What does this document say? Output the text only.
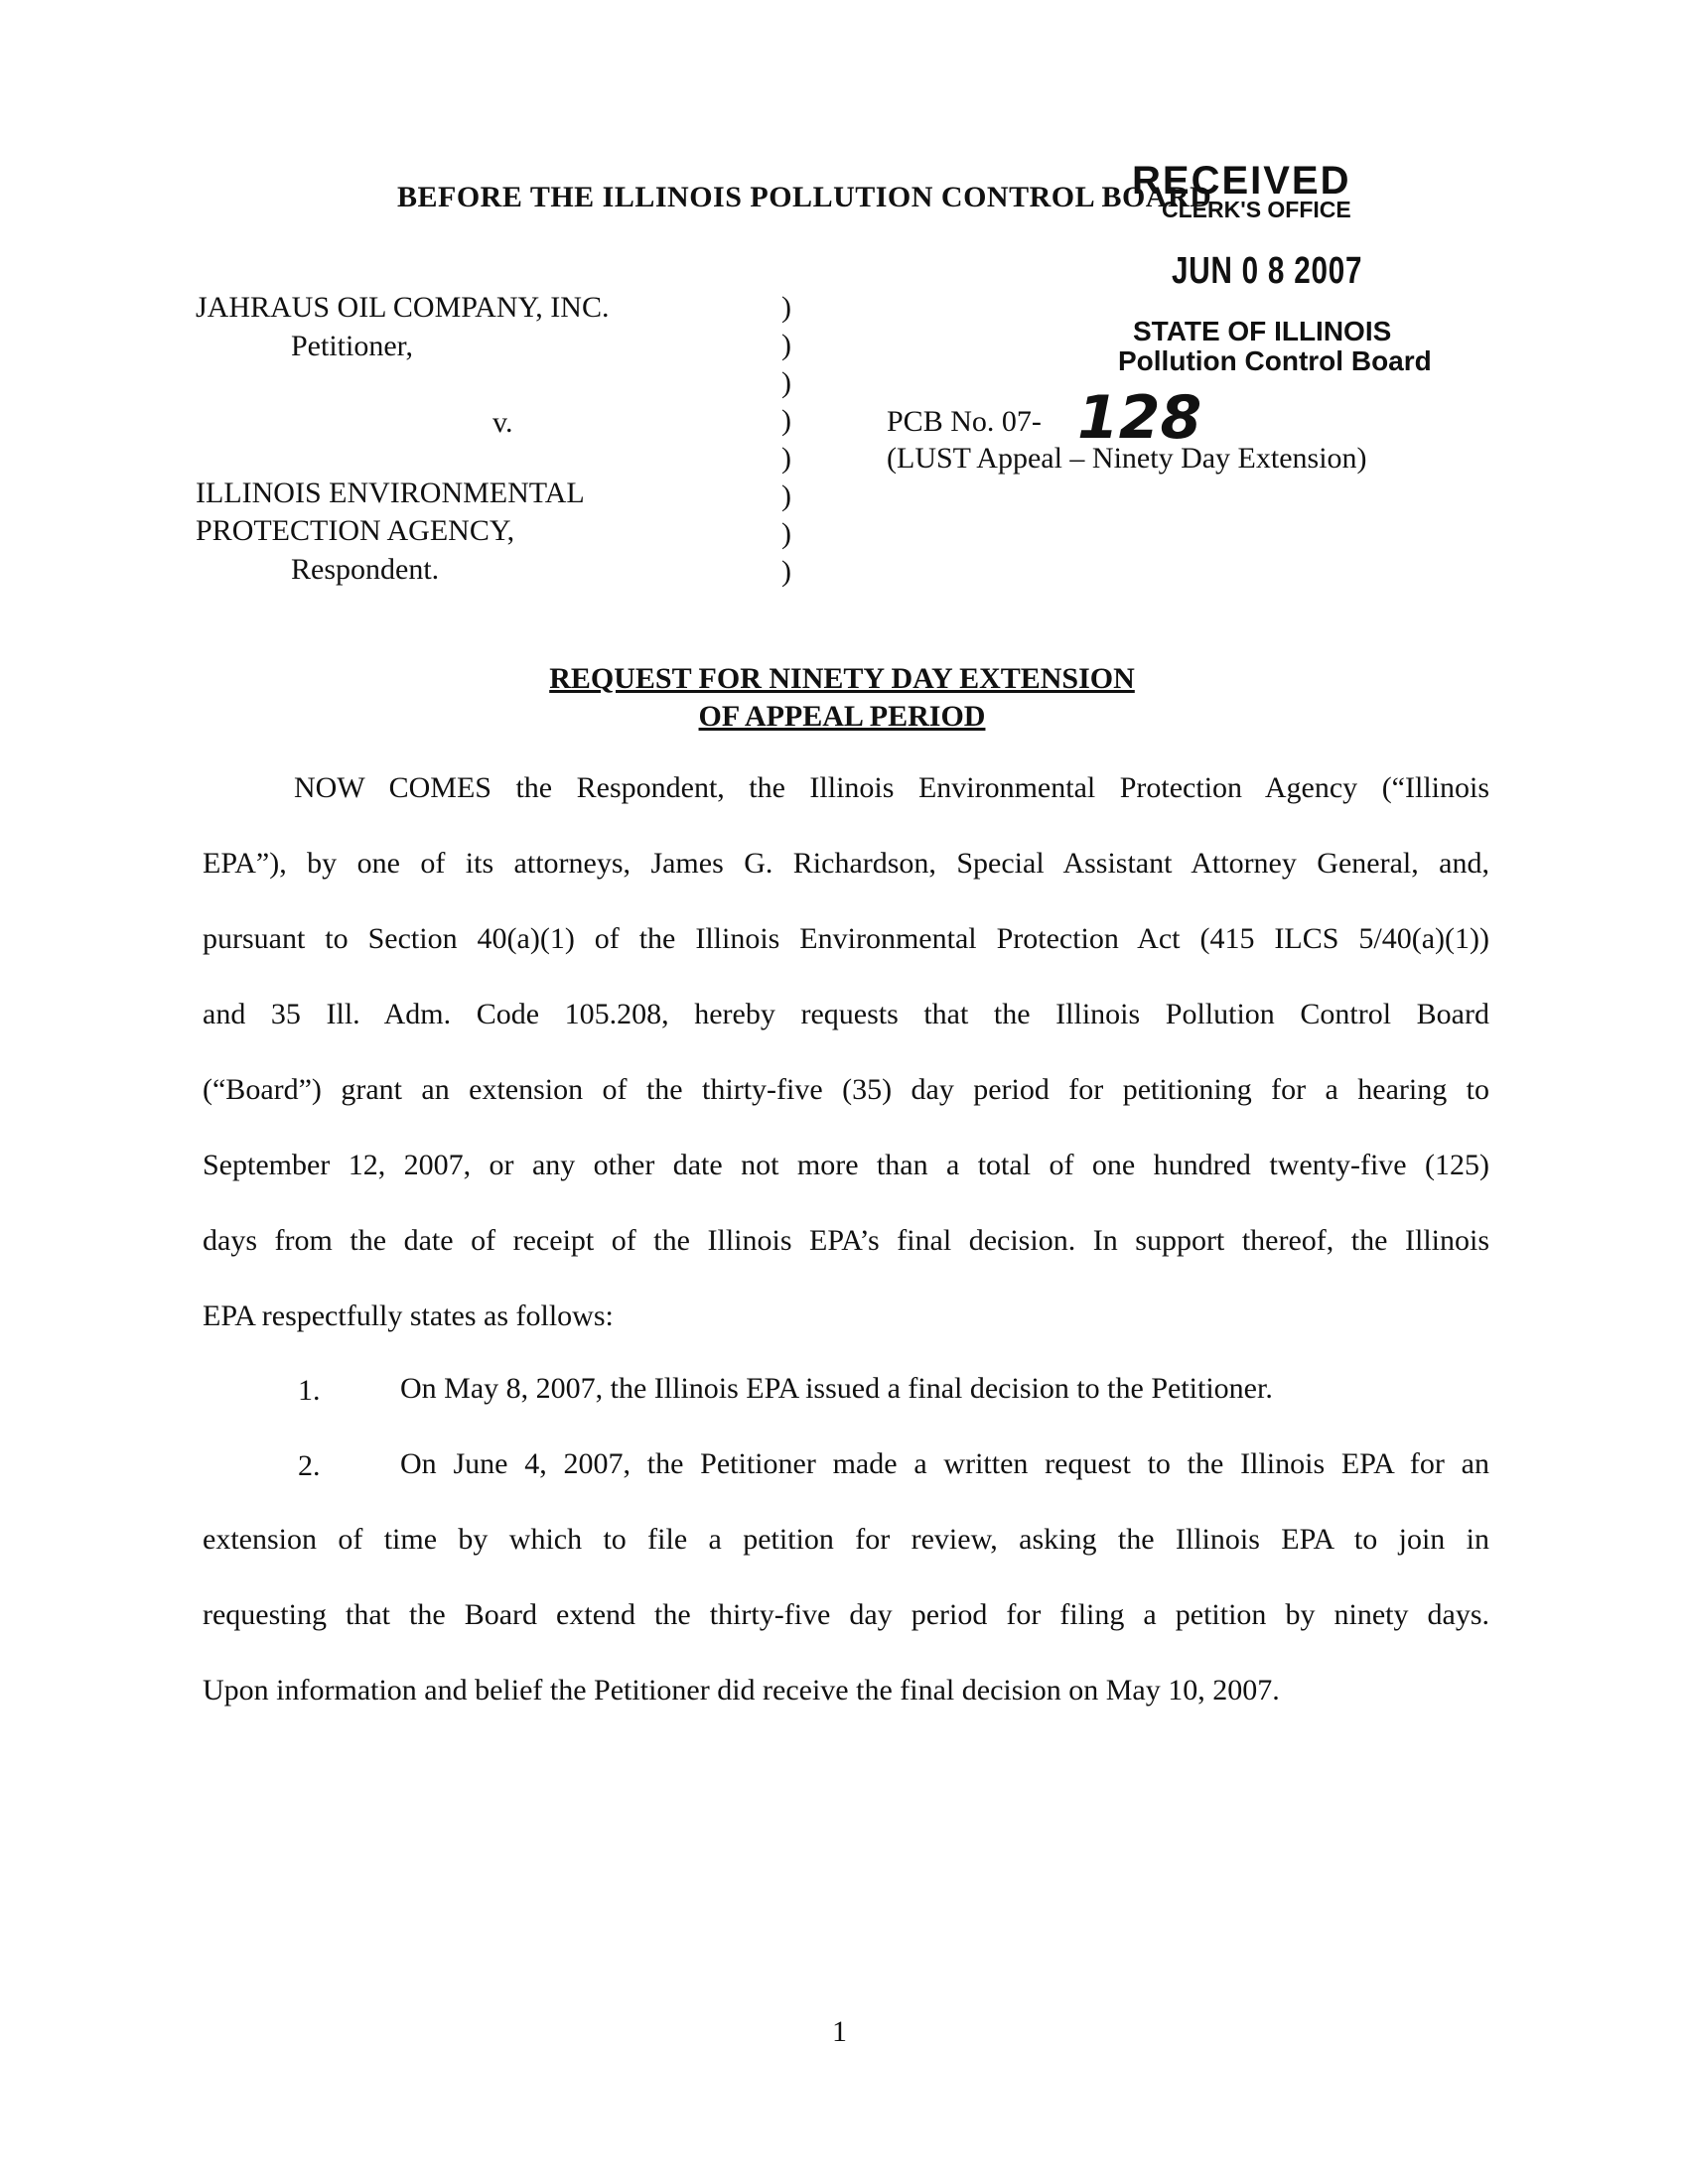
BEFORE THE ILLINOIS POLLUTION CONTROL BOARD
RECEIVED
CLERK'S OFFICE
JUN 0 8 2007
STATE OF ILLINOIS
Pollution Control Board
JAHRAUS OIL COMPANY, INC.
Petitioner,
v.
ILLINOIS ENVIRONMENTAL
PROTECTION AGENCY,
Respondent.
)
)
)
)
)
)
)
)
PCB No. 07- 128
(LUST Appeal – Ninety Day Extension)
REQUEST FOR NINETY DAY EXTENSION
OF APPEAL PERIOD
NOW COMES the Respondent, the Illinois Environmental Protection Agency (“Illinois
EPA”), by one of its attorneys, James G. Richardson, Special Assistant Attorney General, and,
pursuant to Section 40(a)(1) of the Illinois Environmental Protection Act (415 ILCS 5/40(a)(1))
and 35 Ill. Adm. Code 105.208, hereby requests that the Illinois Pollution Control Board
(“Board”) grant an extension of the thirty-five (35) day period for petitioning for a hearing to
September 12, 2007, or any other date not more than a total of one hundred twenty-five (125)
days from the date of receipt of the Illinois EPA’s final decision. In support thereof, the Illinois
EPA respectfully states as follows:
1.	On May 8, 2007, the Illinois EPA issued a final decision to the Petitioner.
2.	On June 4, 2007, the Petitioner made a written request to the Illinois EPA for an
extension of time by which to file a petition for review, asking the Illinois EPA to join in
requesting that the Board extend the thirty-five day period for filing a petition by ninety days.
Upon information and belief the Petitioner did receive the final decision on May 10, 2007.
1
